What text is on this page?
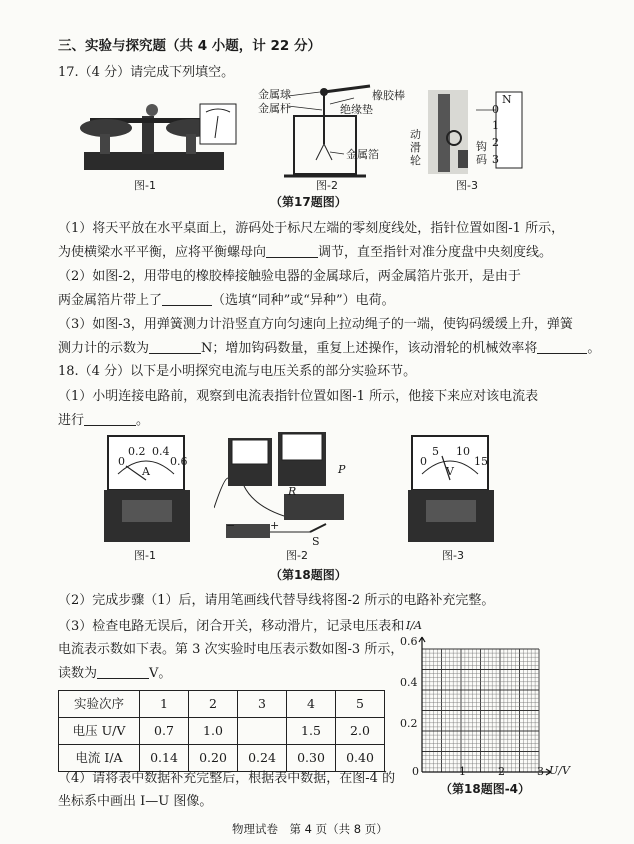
三、实验与探究题（共 4 小题，计 22 分）
17.（4 分）请完成下列填空。
金属球
金属杆
橡胶棒
绝缘垫
金属箔
N
0
1
2
3
动滑轮
钩码
图-1	图-2	图-3
（第17题图）
（1）将天平放在水平桌面上，游码处于标尺左端的零刻度线处，指针位置如图-1 所示，
为使横梁水平平衡，应将平衡螺母向	调节，直至指针对准分度盘中央刻度线。
（2）如图-2，用带电的橡胶棒接触验电器的金属球后，两金属箔片张开，是由于
两金属箔片带上了	（选填“同种”或“异种”）电荷。
（3）如图-3，用弹簧测力计沿竖直方向匀速向上拉动绳子的一端，使钩码缓缓上升，弹簧
测力计的示数为	N；增加钩码数量，重复上述操作，该动滑轮的机械效率将	。
18.（4 分）以下是小明探究电流与电压关系的部分实验环节。
（1）小明连接电路前，观察到电流表指针位置如图-1 所示，他接下来应对该电流表
进行	。
0
0.2 0.4
0.6
A
R
P
S
−	+
0
5 10
15
V
图-1	图-2	图-3
（第18题图）
（2）完成步骤（1）后，请用笔画线代替导线将图-2 所示的电路补充完整。
（3）检查电路无误后，闭合开关，移动滑片，记录电压表和
电流表示数如下表。第 3 次实验时电压表示数如图-3 所示，
读数为	V。
实验次序	1	2	3	4	5
电压 U/V	0.7	1.0		1.5	2.0
电流 I/A	0.14	0.20	0.24	0.30	0.40
（4）请将表中数据补充完整后，根据表中数据，在图-4 的
坐标系中画出 I—U 图像。
I/A
U/V
0
0.2
0.4
0.6
1	2	3
（第18题图-4）
物理试卷　第 4 页（共 8 页）
